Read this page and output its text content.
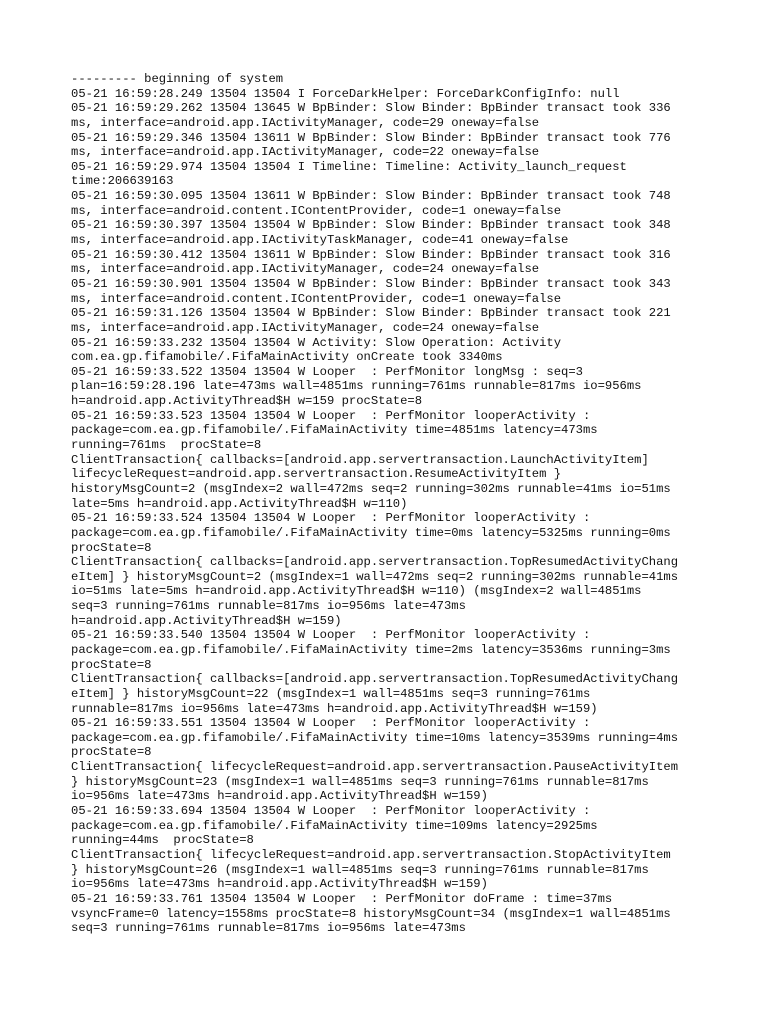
--------- beginning of system
05-21 16:59:28.249 13504 13504 I ForceDarkHelper: ForceDarkConfigInfo: null
05-21 16:59:29.262 13504 13645 W BpBinder: Slow Binder: BpBinder transact took 336
ms, interface=android.app.IActivityManager, code=29 oneway=false
05-21 16:59:29.346 13504 13611 W BpBinder: Slow Binder: BpBinder transact took 776
ms, interface=android.app.IActivityManager, code=22 oneway=false
05-21 16:59:29.974 13504 13504 I Timeline: Timeline: Activity_launch_request
time:206639163
05-21 16:59:30.095 13504 13611 W BpBinder: Slow Binder: BpBinder transact took 748
ms, interface=android.content.IContentProvider, code=1 oneway=false
05-21 16:59:30.397 13504 13504 W BpBinder: Slow Binder: BpBinder transact took 348
ms, interface=android.app.IActivityTaskManager, code=41 oneway=false
05-21 16:59:30.412 13504 13611 W BpBinder: Slow Binder: BpBinder transact took 316
ms, interface=android.app.IActivityManager, code=24 oneway=false
05-21 16:59:30.901 13504 13504 W BpBinder: Slow Binder: BpBinder transact took 343
ms, interface=android.content.IContentProvider, code=1 oneway=false
05-21 16:59:31.126 13504 13504 W BpBinder: Slow Binder: BpBinder transact took 221
ms, interface=android.app.IActivityManager, code=24 oneway=false
05-21 16:59:33.232 13504 13504 W Activity: Slow Operation: Activity
com.ea.gp.fifamobile/.FifaMainActivity onCreate took 3340ms
05-21 16:59:33.522 13504 13504 W Looper  : PerfMonitor longMsg : seq=3
plan=16:59:28.196 late=473ms wall=4851ms running=761ms runnable=817ms io=956ms
h=android.app.ActivityThread$H w=159 procState=8
05-21 16:59:33.523 13504 13504 W Looper  : PerfMonitor looperActivity :
package=com.ea.gp.fifamobile/.FifaMainActivity time=4851ms latency=473ms
running=761ms  procState=8
ClientTransaction{ callbacks=[android.app.servertransaction.LaunchActivityItem]
lifecycleRequest=android.app.servertransaction.ResumeActivityItem }
historyMsgCount=2 (msgIndex=2 wall=472ms seq=2 running=302ms runnable=41ms io=51ms
late=5ms h=android.app.ActivityThread$H w=110)
05-21 16:59:33.524 13504 13504 W Looper  : PerfMonitor looperActivity :
package=com.ea.gp.fifamobile/.FifaMainActivity time=0ms latency=5325ms running=0ms
procState=8
ClientTransaction{ callbacks=[android.app.servertransaction.TopResumedActivityChang
eItem] } historyMsgCount=2 (msgIndex=1 wall=472ms seq=2 running=302ms runnable=41ms
io=51ms late=5ms h=android.app.ActivityThread$H w=110) (msgIndex=2 wall=4851ms
seq=3 running=761ms runnable=817ms io=956ms late=473ms
h=android.app.ActivityThread$H w=159)
05-21 16:59:33.540 13504 13504 W Looper  : PerfMonitor looperActivity :
package=com.ea.gp.fifamobile/.FifaMainActivity time=2ms latency=3536ms running=3ms
procState=8
ClientTransaction{ callbacks=[android.app.servertransaction.TopResumedActivityChang
eItem] } historyMsgCount=22 (msgIndex=1 wall=4851ms seq=3 running=761ms
runnable=817ms io=956ms late=473ms h=android.app.ActivityThread$H w=159)
05-21 16:59:33.551 13504 13504 W Looper  : PerfMonitor looperActivity :
package=com.ea.gp.fifamobile/.FifaMainActivity time=10ms latency=3539ms running=4ms
procState=8
ClientTransaction{ lifecycleRequest=android.app.servertransaction.PauseActivityItem
} historyMsgCount=23 (msgIndex=1 wall=4851ms seq=3 running=761ms runnable=817ms
io=956ms late=473ms h=android.app.ActivityThread$H w=159)
05-21 16:59:33.694 13504 13504 W Looper  : PerfMonitor looperActivity :
package=com.ea.gp.fifamobile/.FifaMainActivity time=109ms latency=2925ms
running=44ms  procState=8
ClientTransaction{ lifecycleRequest=android.app.servertransaction.StopActivityItem
} historyMsgCount=26 (msgIndex=1 wall=4851ms seq=3 running=761ms runnable=817ms
io=956ms late=473ms h=android.app.ActivityThread$H w=159)
05-21 16:59:33.761 13504 13504 W Looper  : PerfMonitor doFrame : time=37ms
vsyncFrame=0 latency=1558ms procState=8 historyMsgCount=34 (msgIndex=1 wall=4851ms
seq=3 running=761ms runnable=817ms io=956ms late=473ms
